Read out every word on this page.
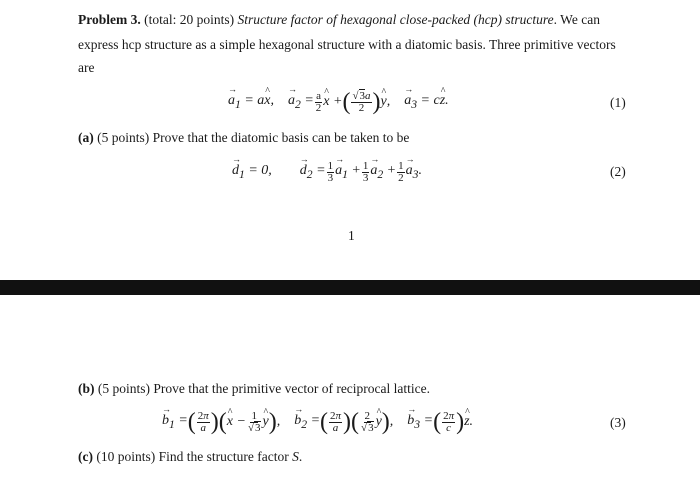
Problem 3. (total: 20 points) Structure factor of hexagonal close-packed (hcp) structure. We can
express hcp structure as a simple hexagonal structure with a diatomic basis. Three primitive vectors
are
→ $a_1$ = a^ x,
→ $a_2 = \frac{a}{2}$
^ x + ( $\frac{√3a}{2}$ )
^ y,
→ $a_3$ = c^ z.	(1)
(a) (5 points) Prove that the diatomic basis can be taken to be
→ $d_1 = 0$,
→ $d_2 = \frac{1}{3}$
→ $a_1 + \frac{1}{3}$
→ $a_2 + \frac{1}{2}$
→ $a_3$.	(2)
1
(b) (5 points) Prove that the primitive vector of reciprocal lattice.
→ $b_1$ = ( $\frac{2\pi}{a}$ ) (
^ $x - \frac{1}{√3}$
^ y ) ,
→ $b_2$ = ( $\frac{2\pi}{a}$ ) ( $\frac{2}{√3}$
^ y ) ,
→ $b_3$ = ( $\frac{2\pi}{c}$ )
^ z.	(3)
(c) (10 points) Find the structure factor S.
